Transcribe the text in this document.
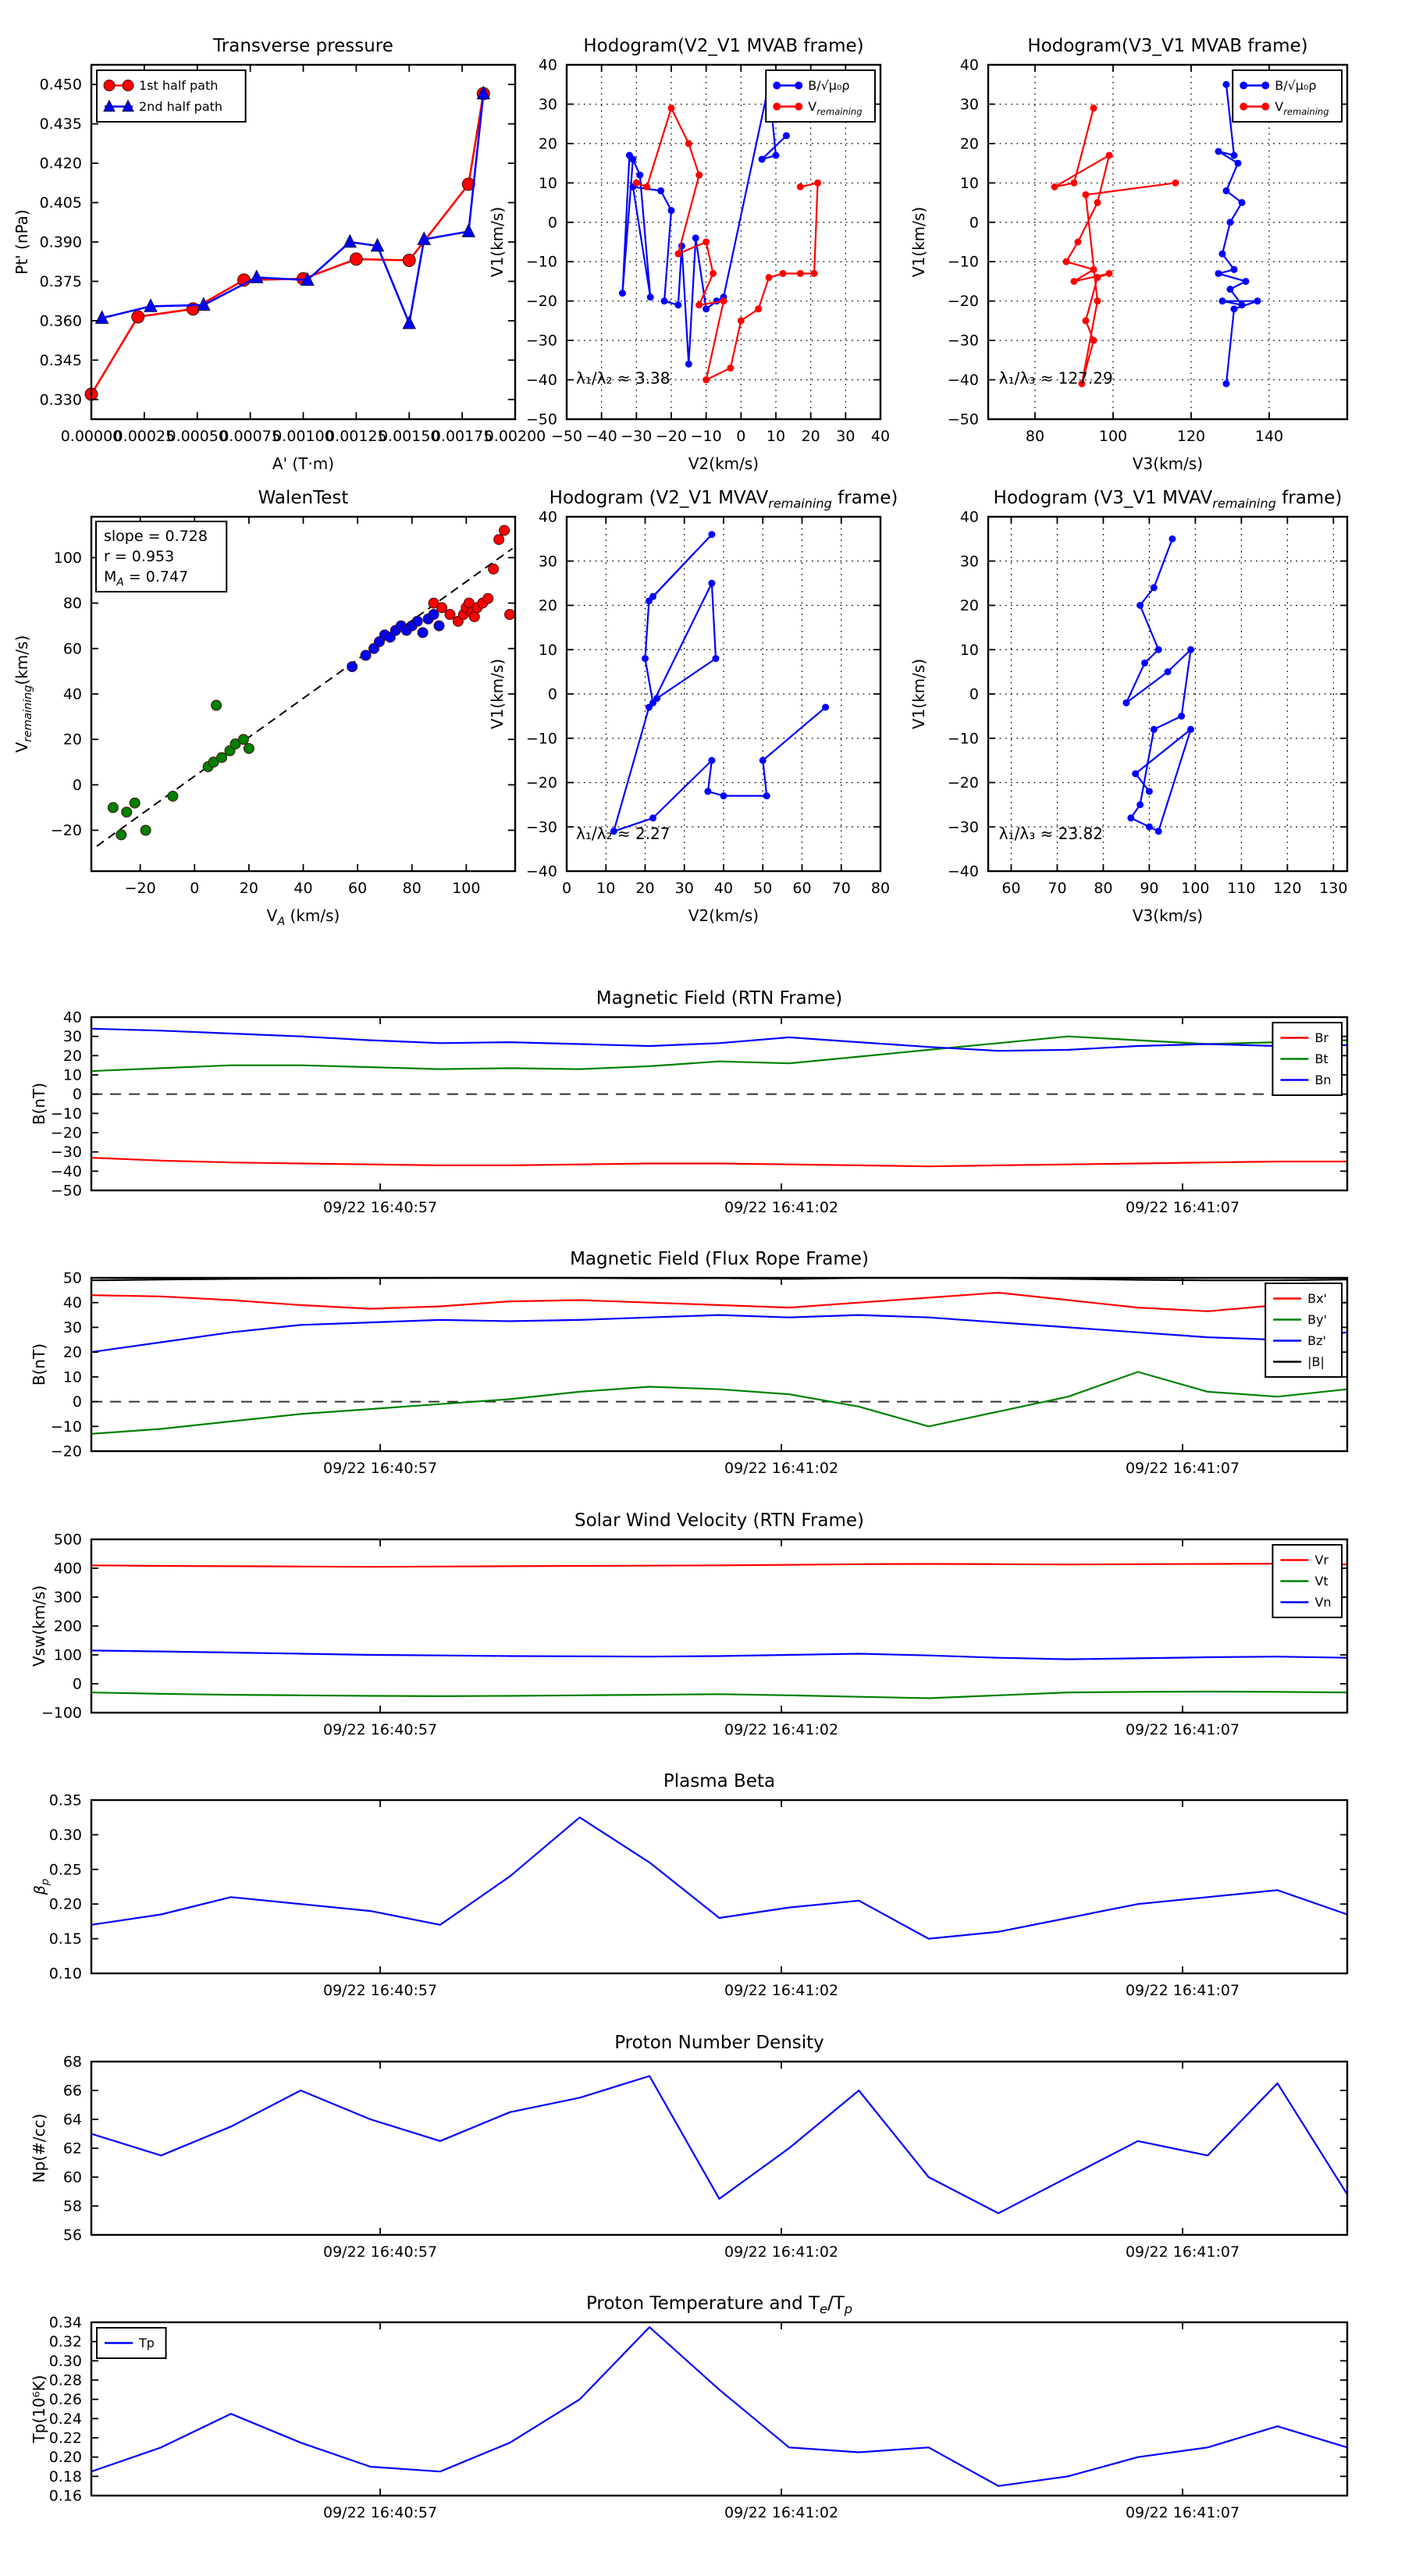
Transverse pressure	Hodogram(V2_V1 MVAB frame)	Hodogram(V3_V1 MVAB frame)
WalenTest	Hodogram (V2_V1 $MVAV_{remaining}$ frame)	Hodogram (V3_V1 $MVAV_{remaining}$ frame)
Magnetic Field (RTN Frame)
Magnetic Field (Flux Rope Frame)
Solar Wind Velocity (RTN Frame)
Plasma Beta
Proton Number Density
Proton Temperature and $T_e/T_p$
0.00000
0.00025
0.00050
0.00075
0.00100
0.00125
0.00150
0.00175
0.00200
0.330
0.345
0.360
0.375
0.390
0.405
0.420
0.435
0.450
A' (T·m)
Pt' (nPa)
1st half path
2nd half path
−50 −40 −30 −20 −10 0 10 20 30 40
−50
−40
−30
−20
−10
0
10
20
30
40
V2(km/s)
V1(km/s)
B/√μ₀ρ
$V_{remaining}$
λ₁/λ₂ ≈ 3.38
80	100	120	140
−50
−40
−30
−20
−10
0
10
20
30
40
V3(km/s)
V1(km/s)
B/√μ₀ρ
$V_{remaining}$
λ₁/λ₃ ≈ 127.29
−20 0	20 40 60 80 100
−20
0
20
40
60
80
100
$V_A$ (km/s)
$V_{remaining}(km/s)$
slope = 0.728
r = 0.953
$M_A = 0.747$
0 10 20 30 40 50 60 70 80
−40
−30
−20
−10
0
10
20
30
40
V2(km/s)
V1(km/s)
λ₁/λ₂ ≈ 2.27
60 70 80 90 100 110 120 130
−40
−30
−20
−10
0
10
20
30
40
V3(km/s)
V1(km/s)
λ₁/λ₃ ≈ 23.82
09/22 16:40:57	09/22 16:41:02	09/22 16:41:07
−50
−40
−30
−20
−10
0
10
20
30
40
B(nT)
Br
Bt
Bn
09/22 16:40:57	09/22 16:41:02	09/22 16:41:07
−20
−10
0
10
20
30
40
50
B(nT)
Bx'
By'
Bz'
|B|
09/22 16:40:57	09/22 16:41:02	09/22 16:41:07
−100
0
100
200
300
400
500
Vsw(km/s)
Vr
Vt
Vn
09/22 16:40:57	09/22 16:41:02	09/22 16:41:07
0.10
0.15
0.20
0.25
0.30
0.35
$\beta_p$
09/22 16:40:57	09/22 16:41:02	09/22 16:41:07
56
58
60
62
64
66
68
Np(#/cc)
09/22 16:40:57	09/22 16:41:02	09/22 16:41:07
0.16
0.18
0.20
0.22
0.24
0.26
0.28
0.30
0.32
0.34
Tp(10⁶K)
Tp
